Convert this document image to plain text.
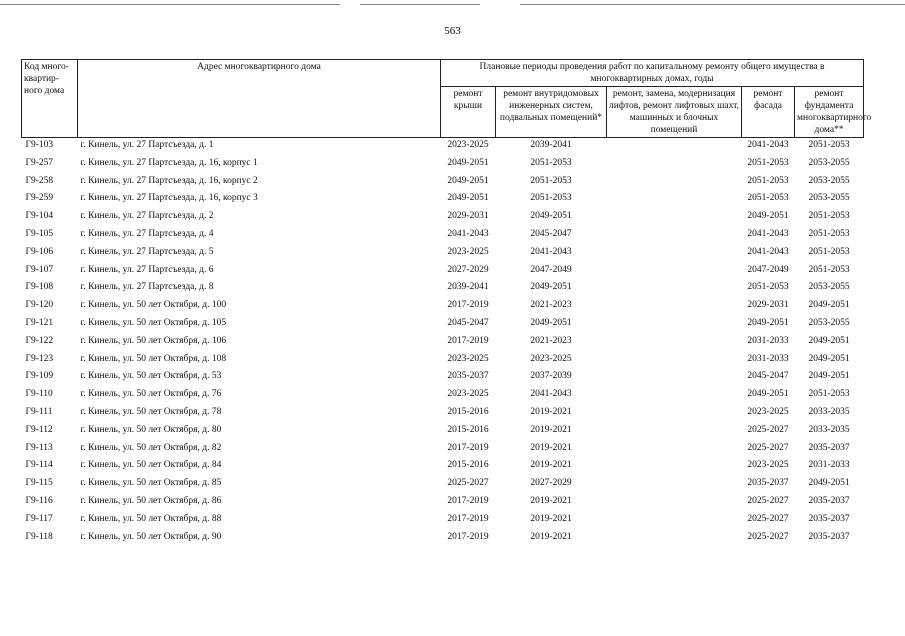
563
Код много-квартир-ного дома	Адрес многоквартирного дома	Плановые периоды проведения работ по капитальному ремонту общего имущества в многоквартирных домах, годы				
		ремонт крыши	ремонт внутридомовых инженерных систем, подвальных помещений*	ремонт, замена, модернизация лифтов, ремонт лифтовых шахт, машинных и блочных помещений	ремонт фасада	ремонт фундамента многоквартирного дома**
Г9-103	г. Кинель, ул. 27 Партсъезда, д. 1	2023-2025	2039-2041		2041-2043	2051-2053
Г9-257	г. Кинель, ул. 27 Партсъезда, д. 16, корпус 1	2049-2051	2051-2053		2051-2053	2053-2055
Г9-258	г. Кинель, ул. 27 Партсъезда, д. 16, корпус 2	2049-2051	2051-2053		2051-2053	2053-2055
Г9-259	г. Кинель, ул. 27 Партсъезда, д. 16, корпус 3	2049-2051	2051-2053		2051-2053	2053-2055
Г9-104	г. Кинель, ул. 27 Партсъезда, д. 2	2029-2031	2049-2051		2049-2051	2051-2053
Г9-105	г. Кинель, ул. 27 Партсъезда, д. 4	2041-2043	2045-2047		2041-2043	2051-2053
Г9-106	г. Кинель, ул. 27 Партсъезда, д. 5	2023-2025	2041-2043		2041-2043	2051-2053
Г9-107	г. Кинель, ул. 27 Партсъезда, д. 6	2027-2029	2047-2049		2047-2049	2051-2053
Г9-108	г. Кинель, ул. 27 Партсъезда, д. 8	2039-2041	2049-2051		2051-2053	2053-2055
Г9-120	г. Кинель, ул. 50 лет Октября, д. 100	2017-2019	2021-2023		2029-2031	2049-2051
Г9-121	г. Кинель, ул. 50 лет Октября, д. 105	2045-2047	2049-2051		2049-2051	2053-2055
Г9-122	г. Кинель, ул. 50 лет Октября, д. 106	2017-2019	2021-2023		2031-2033	2049-2051
Г9-123	г. Кинель, ул. 50 лет Октября, д. 108	2023-2025	2023-2025		2031-2033	2049-2051
Г9-109	г. Кинель, ул. 50 лет Октября, д. 53	2035-2037	2037-2039		2045-2047	2049-2051
Г9-110	г. Кинель, ул. 50 лет Октября, д. 76	2023-2025	2041-2043		2049-2051	2051-2053
Г9-111	г. Кинель, ул. 50 лет Октября, д. 78	2015-2016	2019-2021		2023-2025	2033-2035
Г9-112	г. Кинель, ул. 50 лет Октября, д. 80	2015-2016	2019-2021		2025-2027	2033-2035
Г9-113	г. Кинель, ул. 50 лет Октября, д. 82	2017-2019	2019-2021		2025-2027	2035-2037
Г9-114	г. Кинель, ул. 50 лет Октября, д. 84	2015-2016	2019-2021		2023-2025	2031-2033
Г9-115	г. Кинель, ул. 50 лет Октября, д. 85	2025-2027	2027-2029		2035-2037	2049-2051
Г9-116	г. Кинель, ул. 50 лет Октября, д. 86	2017-2019	2019-2021		2025-2027	2035-2037
Г9-117	г. Кинель, ул. 50 лет Октября, д. 88	2017-2019	2019-2021		2025-2027	2035-2037
Г9-118	г. Кинель, ул. 50 лет Октября, д. 90	2017-2019	2019-2021		2025-2027	2035-2037
